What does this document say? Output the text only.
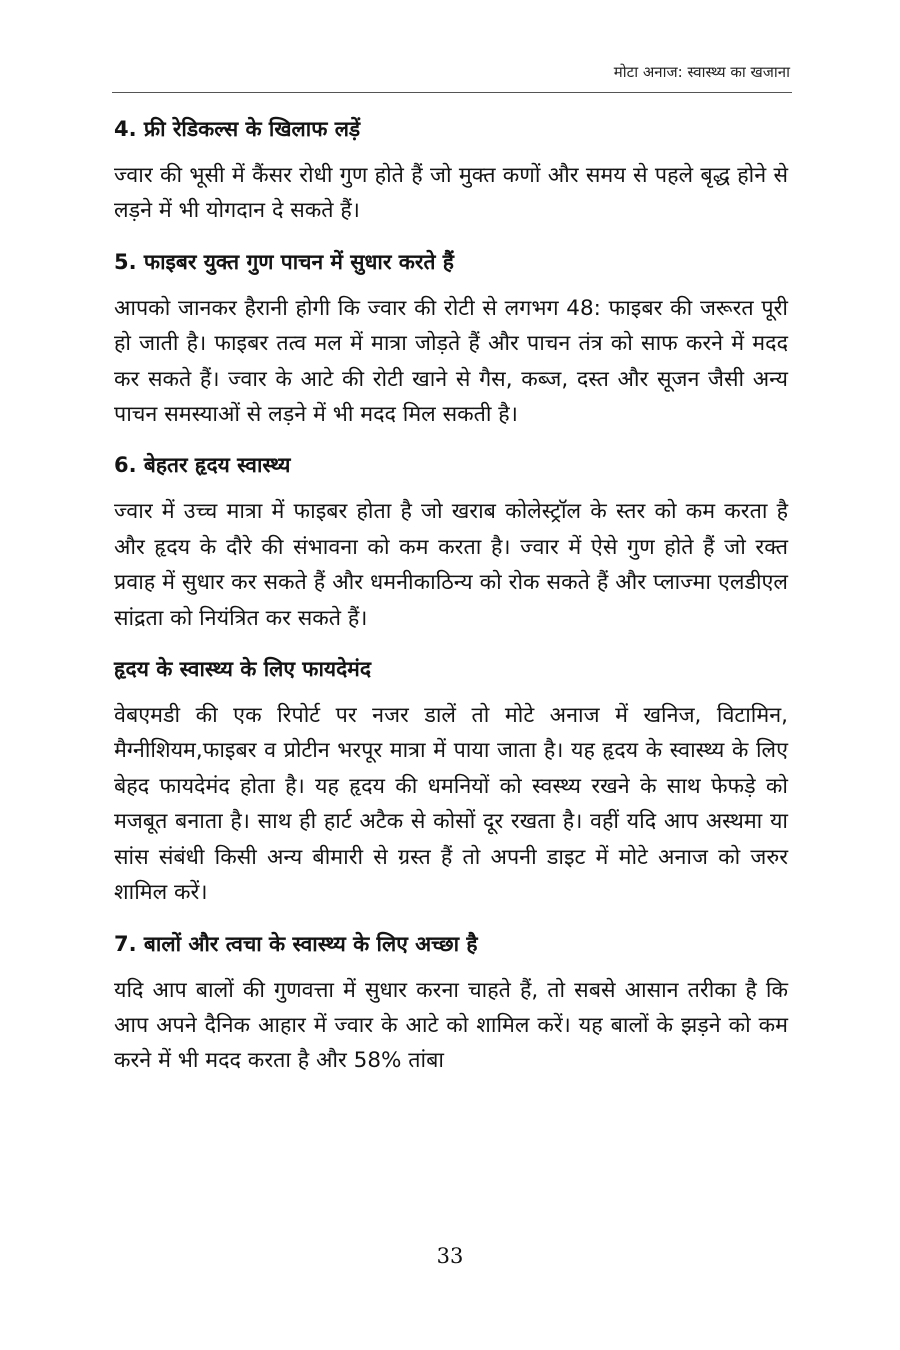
मोटा अनाज: स्वास्थ्य का खजाना
4. फ्री रेडिकल्स के खिलाफ लड़ें

ज्वार की भूसी में कैंसर रोधी गुण होते हैं जो मुक्त कणों और समय से पहले बृद्ध होने से लड़ने में भी योगदान दे सकते हैं।

5. फाइबर युक्त गुण पाचन में सुधार करते हैं

आपको जानकर हैरानी होगी कि ज्वार की रोटी से लगभग 48: फाइबर की जरूरत पूरी हो जाती है। फाइबर तत्व मल में मात्रा जोड़ते हैं और पाचन तंत्र को साफ करने में मदद कर सकते हैं। ज्वार के आटे की रोटी खाने से गैस, कब्ज, दस्त और सूजन जैसी अन्य पाचन समस्याओं से लड़ने में भी मदद मिल सकती है।

6. बेहतर हृदय स्वास्थ्य

ज्वार में उच्च मात्रा में फाइबर होता है जो खराब कोलेस्ट्रॉल के स्तर को कम करता है और हृदय के दौरे की संभावना को कम करता है। ज्वार में ऐसे गुण होते हैं जो रक्त प्रवाह में सुधार कर सकते हैं और धमनीकाठिन्य को रोक सकते हैं और प्लाज्मा एलडीएल सांद्रता को नियंत्रित कर सकते हैं।

हृदय के स्वास्थ्य के लिए फायदेमंद

वेबएमडी की एक रिपोर्ट पर नजर डालें तो मोटे अनाज में खनिज, विटामिन, मैग्नीशियम,फाइबर व प्रोटीन भरपूर मात्रा में पाया जाता है। यह हृदय के स्वास्थ्य के लिए बेहद फायदेमंद होता है। यह हृदय की धमनियों को स्वस्थ्य रखने के साथ फेफड़े को मजबूत बनाता है। साथ ही हार्ट अटैक से कोसों दूर रखता है। वहीं यदि आप अस्थमा या सांस संबंधी किसी अन्य बीमारी से ग्रस्त हैं तो अपनी डाइट में मोटे अनाज को जरुर शामिल करें।

7. बालों और त्वचा के स्वास्थ्य के लिए अच्छा है

यदि आप बालों की गुणवत्ता में सुधार करना चाहते हैं, तो सबसे आसान तरीका है कि आप अपने दैनिक आहार में ज्वार के आटे को शामिल करें। यह बालों के झड़ने को कम करने में भी मदद करता है और 58% तांबा

33
